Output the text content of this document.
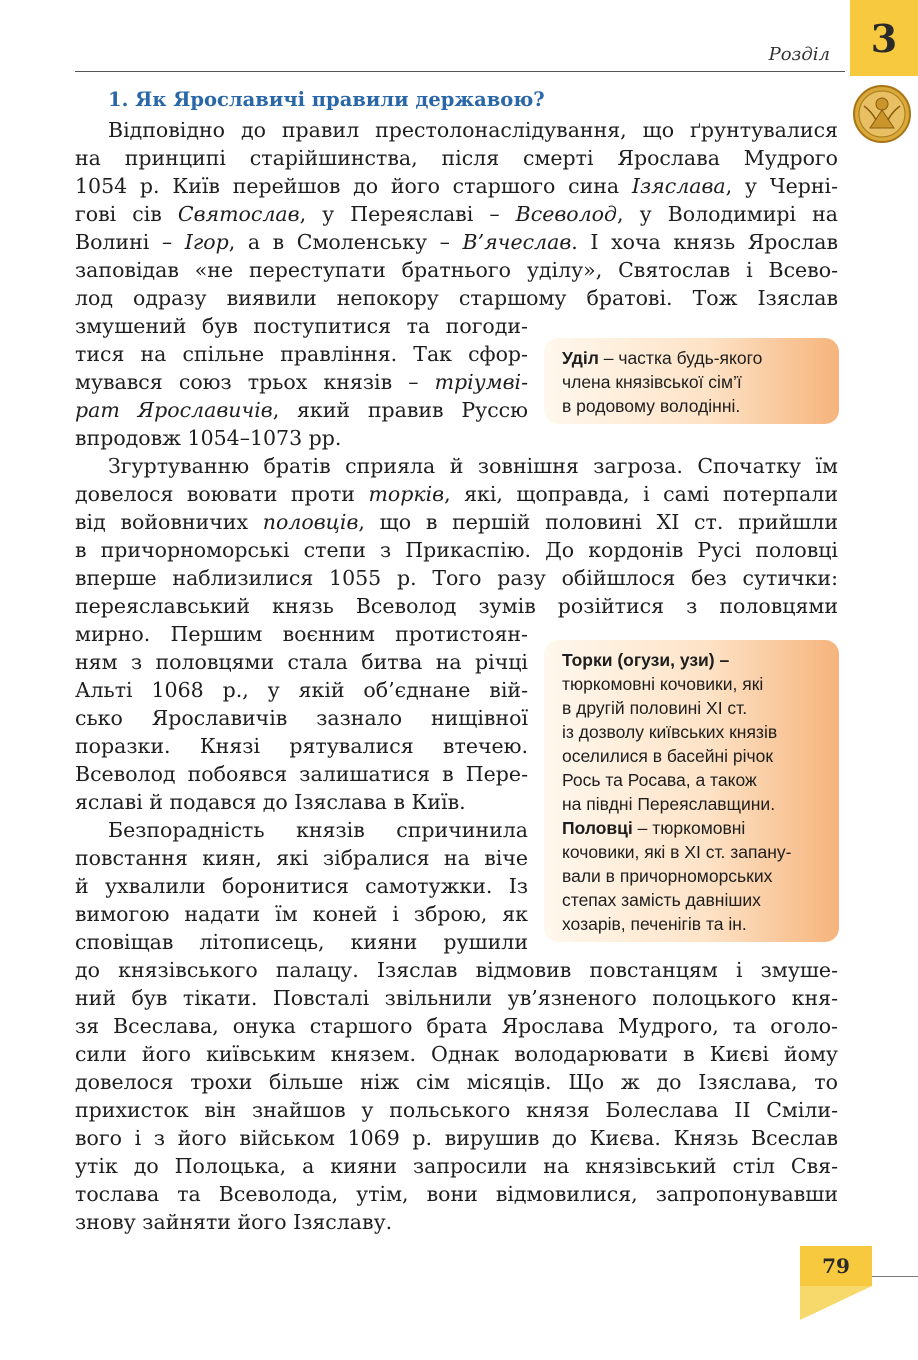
Розділ	3
1. Як Ярославичі правили державою?
Відповідно до правил престолонаслідування, що ґрунтувалися
на принципі старійшинства, після смерті Ярослава Мудрого
1054 р. Київ перейшов до його старшого сина Ізяслава, у Черні-
гові сів Святослав, у Переяславі – Всеволод, у Володимирі на
Волині – Ігор, а в Смоленську – В’ячеслав. І хоча князь Ярослав
заповідав «не переступати братнього уділу», Святослав і Всево-
лод одразу виявили непокору старшому братові. Тож Ізяслав
змушений був поступитися та погоди-
тися на спільне правління. Так сфор-
мувався союз трьох князів – тріумві-
рат Ярославичів, який правив Руссю
впродовж 1054–1073 рр.
Згуртуванню братів сприяла й зовнішня загроза. Спочатку їм
довелося воювати проти торків, які, щоправда, і самі потерпали
від войовничих половців, що в першій половині XI ст. прийшли
в причорноморські степи з Прикаспію. До кордонів Русі половці
вперше наблизилися 1055 р. Того разу обійшлося без сутички:
переяславський князь Всеволод зумів розійтися з половцями
мирно. Першим воєнним протистоян-
ням з половцями стала битва на річці
Альті 1068 р., у якій об’єднане вій-
сько Ярославичів зазнало нищівної
поразки. Князі рятувалися втечею.
Всеволод побоявся залишатися в Пере-
яславі й подався до Ізяслава в Київ.
Безпорадність князів спричинила
повстання киян, які зібралися на віче
й ухвалили боронитися самотужки. Із
вимогою надати їм коней і зброю, як
сповіщав літописець, кияни рушили
до князівського палацу. Ізяслав відмовив повстанцям і змуше-
ний був тікати. Повсталі звільнили ув’язненого полоцького кня-
зя Всеслава, онука старшого брата Ярослава Мудрого, та оголо-
сили його київським князем. Однак володарювати в Києві йому
довелося трохи більше ніж сім місяців. Що ж до Ізяслава, то
прихисток він знайшов у польського князя Болеслава II Сміли-
вого і з його військом 1069 р. вирушив до Києва. Князь Всеслав
утік до Полоцька, а кияни запросили на князівський стіл Свя-
тослава та Всеволода, утім, вони відмовилися, запропонувавши
знову зайняти його Ізяславу.
Уділ – частка будь-якого
члена князівської сім’ї
в родовому володінні.
Торки (огузи, узи) –
тюркомовні кочовики, які
в другій половині XI ст.
із дозволу київських князів
оселилися в басейні річок
Рось та Росава, а також
на півдні Переяславщини.
Половці – тюркомовні
кочовики, які в XI ст. запану-
вали в причорноморських
степах замість давніших
хозарів, печенігів та ін.
79
